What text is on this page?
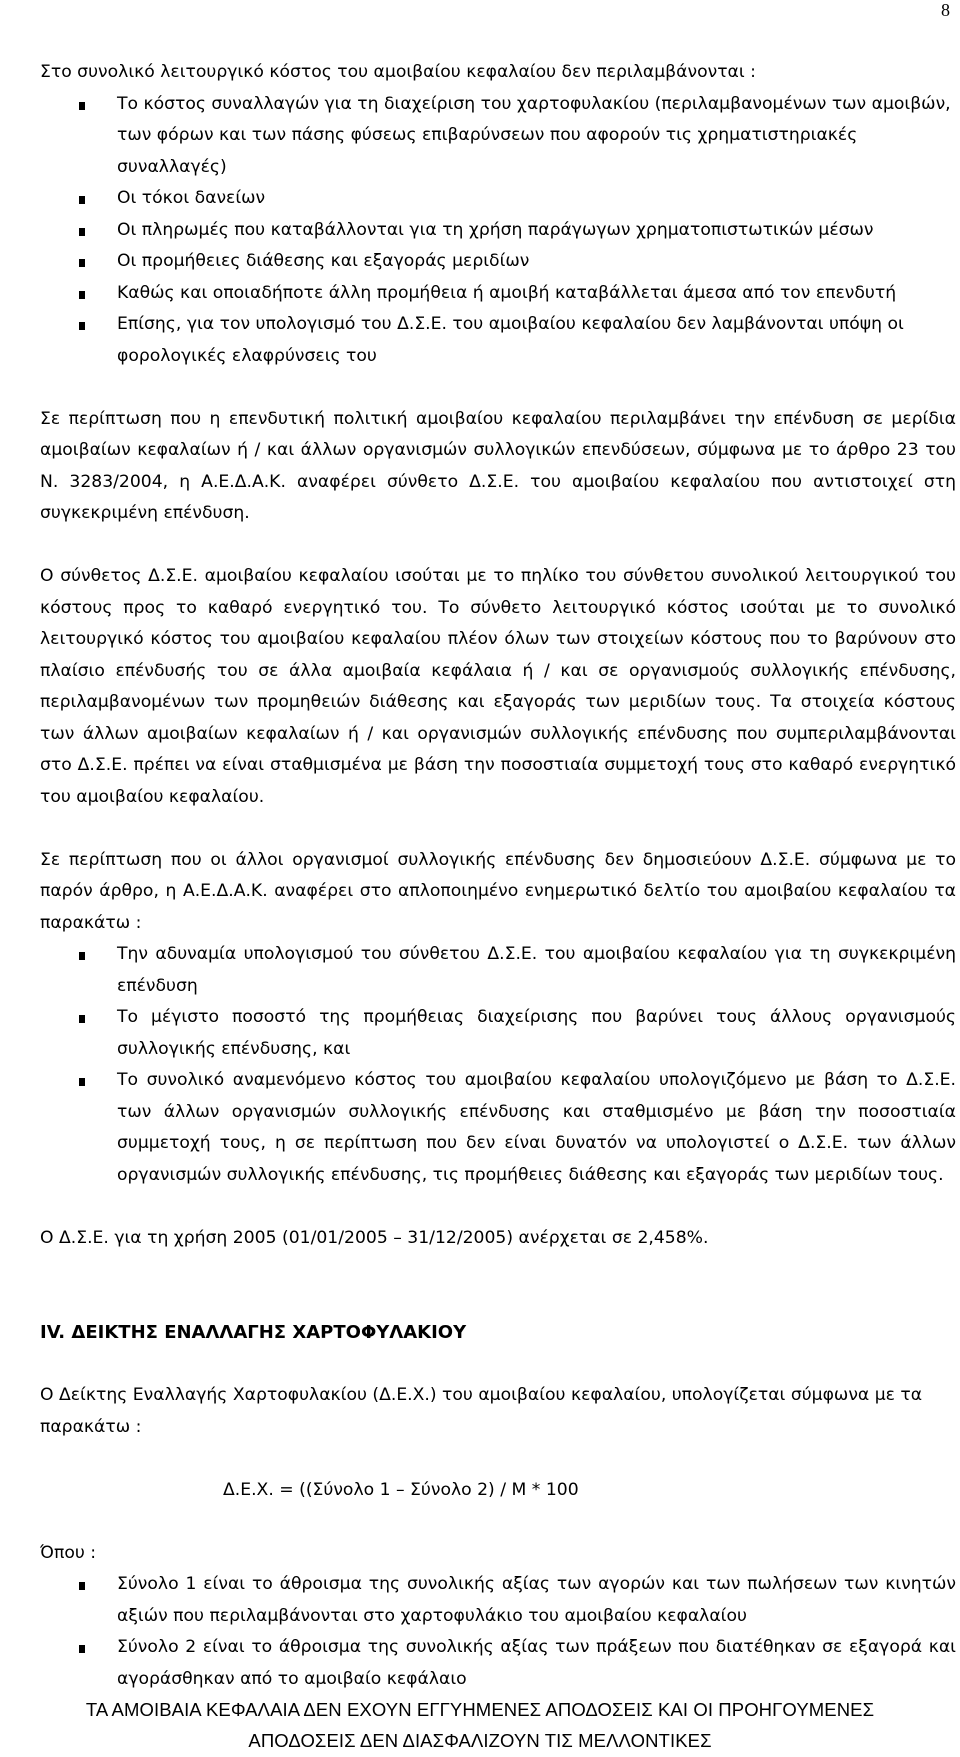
8

Στο συνολικό λειτουργικό κόστος του αμοιβαίου κεφαλαίου δεν περιλαμβάνονται :

Το κόστος συναλλαγών για τη διαχείριση του χαρτοφυλακίου (περιλαμβανομένων των αμοιβών, των φόρων και των πάσης φύσεως επιβαρύνσεων που αφορούν τις χρηματιστηριακές συναλλαγές)
Οι τόκοι δανείων
Οι πληρωμές που καταβάλλονται για τη χρήση παράγωγων χρηματοπιστωτικών μέσων
Οι προμήθειες διάθεσης και εξαγοράς μεριδίων
Καθώς και οποιαδήποτε άλλη προμήθεια ή αμοιβή καταβάλλεται άμεσα από τον επενδυτή
Επίσης, για τον υπολογισμό του Δ.Σ.Ε. του αμοιβαίου κεφαλαίου δεν λαμβάνονται υπόψη οι φορολογικές ελαφρύνσεις του

Σε περίπτωση που η επενδυτική πολιτική αμοιβαίου κεφαλαίου περιλαμβάνει την επένδυση σε μερίδια αμοιβαίων κεφαλαίων ή / και άλλων οργανισμών συλλογικών επενδύσεων, σύμφωνα με το άρθρο 23 του Ν. 3283/2004, η Α.Ε.Δ.Α.Κ. αναφέρει σύνθετο Δ.Σ.Ε. του αμοιβαίου κεφαλαίου που αντιστοιχεί στη συγκεκριμένη επένδυση.

Ο σύνθετος Δ.Σ.Ε. αμοιβαίου κεφαλαίου ισούται με το πηλίκο του σύνθετου συνολικού λειτουργικού του κόστους προς το καθαρό ενεργητικό του. Το σύνθετο λειτουργικό κόστος ισούται με το συνολικό λειτουργικό κόστος του αμοιβαίου κεφαλαίου πλέον όλων των στοιχείων κόστους που το βαρύνουν στο πλαίσιο επένδυσής του σε άλλα αμοιβαία κεφάλαια ή / και σε οργανισμούς συλλογικής επένδυσης, περιλαμβανομένων των προμηθειών διάθεσης και εξαγοράς των μεριδίων τους. Τα στοιχεία κόστους των άλλων αμοιβαίων κεφαλαίων ή / και οργανισμών συλλογικής επένδυσης που συμπεριλαμβάνονται στο Δ.Σ.Ε. πρέπει να είναι σταθμισμένα με βάση την ποσοστιαία συμμετοχή τους στο καθαρό ενεργητικό του αμοιβαίου κεφαλαίου.

Σε περίπτωση που οι άλλοι οργανισμοί συλλογικής επένδυσης δεν δημοσιεύουν Δ.Σ.Ε. σύμφωνα με το παρόν άρθρο, η Α.Ε.Δ.Α.Κ. αναφέρει στο απλοποιημένο ενημερωτικό δελτίο του αμοιβαίου κεφαλαίου τα παρακάτω :

Την αδυναμία υπολογισμού του σύνθετου Δ.Σ.Ε. του αμοιβαίου κεφαλαίου για τη συγκεκριμένη επένδυση
Το μέγιστο ποσοστό της προμήθειας διαχείρισης που βαρύνει τους άλλους οργανισμούς συλλογικής επένδυσης, και
Το συνολικό αναμενόμενο κόστος του αμοιβαίου κεφαλαίου υπολογιζόμενο με βάση το Δ.Σ.Ε. των άλλων οργανισμών συλλογικής επένδυσης και σταθμισμένο με βάση την ποσοστιαία συμμετοχή τους, η σε περίπτωση που δεν είναι δυνατόν να υπολογιστεί ο Δ.Σ.Ε. των άλλων οργανισμών συλλογικής επένδυσης, τις προμήθειες διάθεσης και εξαγοράς των μεριδίων τους.

Ο Δ.Σ.Ε. για τη χρήση 2005 (01/01/2005 – 31/12/2005) ανέρχεται σε 2,458%.

IV. ΔΕΙΚΤΗΣ ΕΝΑΛΛΑΓΗΣ ΧΑΡΤΟΦΥΛΑΚΙΟΥ

Ο Δείκτης Εναλλαγής Χαρτοφυλακίου (Δ.Ε.Χ.) του αμοιβαίου κεφαλαίου, υπολογίζεται σύμφωνα με τα παρακάτω :

Δ.Ε.Χ. = ((Σύνολο 1 – Σύνολο 2) / Μ * 100

Όπου :

Σύνολο 1 είναι το άθροισμα της συνολικής αξίας των αγορών και των πωλήσεων των κινητών αξιών που περιλαμβάνονται στο χαρτοφυλάκιο του αμοιβαίου κεφαλαίου
Σύνολο 2 είναι το άθροισμα της συνολικής αξίας των πράξεων που διατέθηκαν σε εξαγορά και αγοράσθηκαν από το αμοιβαίο κεφάλαιο
ΤΑ ΑΜΟΙΒΑΙΑ ΚΕΦΑΛΑΙΑ ΔΕΝ ΕΧΟΥΝ ΕΓΓΥΗΜΕΝΕΣ ΑΠΟΔΟΣΕΙΣ ΚΑΙ ΟΙ ΠΡΟΗΓΟΥΜΕΝΕΣ
ΑΠΟΔΟΣΕΙΣ ΔΕΝ ΔΙΑΣΦΑΛΙΖΟΥΝ ΤΙΣ ΜΕΛΛΟΝΤΙΚΕΣ
